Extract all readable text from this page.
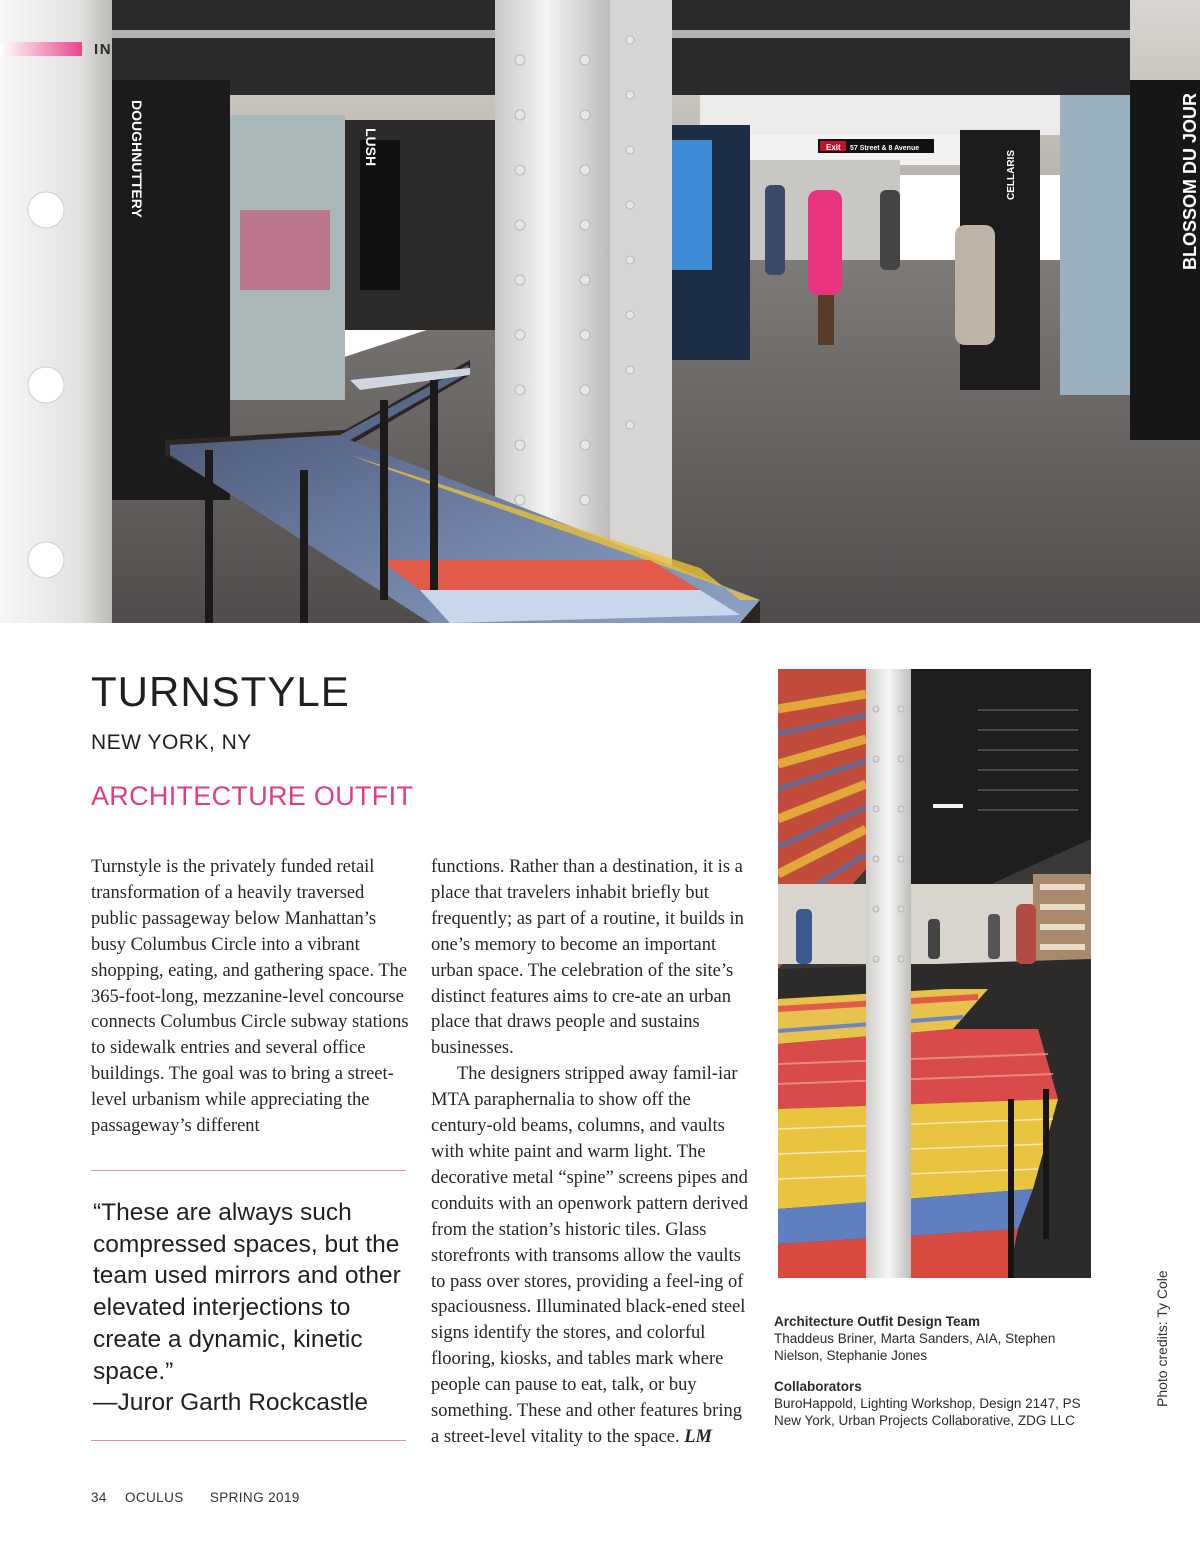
DOUGHNUTTERY	LUSH	Exit 57 Street & 8 Avenue
CELLARIS	BLOSSOM DU JOUR
INTERIORS MERIT
TURNSTYLE
NEW YORK, NY
ARCHITECTURE OUTFIT

Turnstyle is the privately funded retail transformation of a heavily traversed public passageway below Manhattan’s busy Columbus Circle into a vibrant shopping, eating, and gathering space. The 365-foot-long, mezzanine-level concourse connects Columbus Circle subway stations to sidewalk entries and several office buildings. The goal was to bring a street-level urbanism while appreciating the passageway’s different

functions. Rather than a destination, it is a place that travelers inhabit briefly but frequently; as part of a routine, it builds in one’s memory to become an important urban space. The celebration of the site’s distinct features aims to cre-ate an urban place that draws people and sustains businesses.

The designers stripped away famil-iar MTA paraphernalia to show off the century-old beams, columns, and vaults with white paint and warm light. The decorative metal “spine” screens pipes and conduits with an openwork pattern derived from the station’s historic tiles. Glass storefronts with transoms allow the vaults to pass over stores, providing a feel-ing of spaciousness. Illuminated black-ened steel signs identify the stores, and colorful flooring, kiosks, and tables mark where people can pause to eat, talk, or buy something. These and other features bring a street-level vitality to the space. LM

“These are always such compressed spaces, but the team used mirrors and other elevated interjections to create a dynamic, kinetic space.”
—Juror Garth Rockcastle
Architecture Outfit Design Team
Thaddeus Briner, Marta Sanders, AIA, Stephen Nielson, Stephanie Jones
Collaborators
BuroHappold, Lighting Workshop, Design 2147, PS New York, Urban Projects Collaborative, ZDG LLC
Photo credits: Ty Cole
34 OCULUS SPRING 2019
